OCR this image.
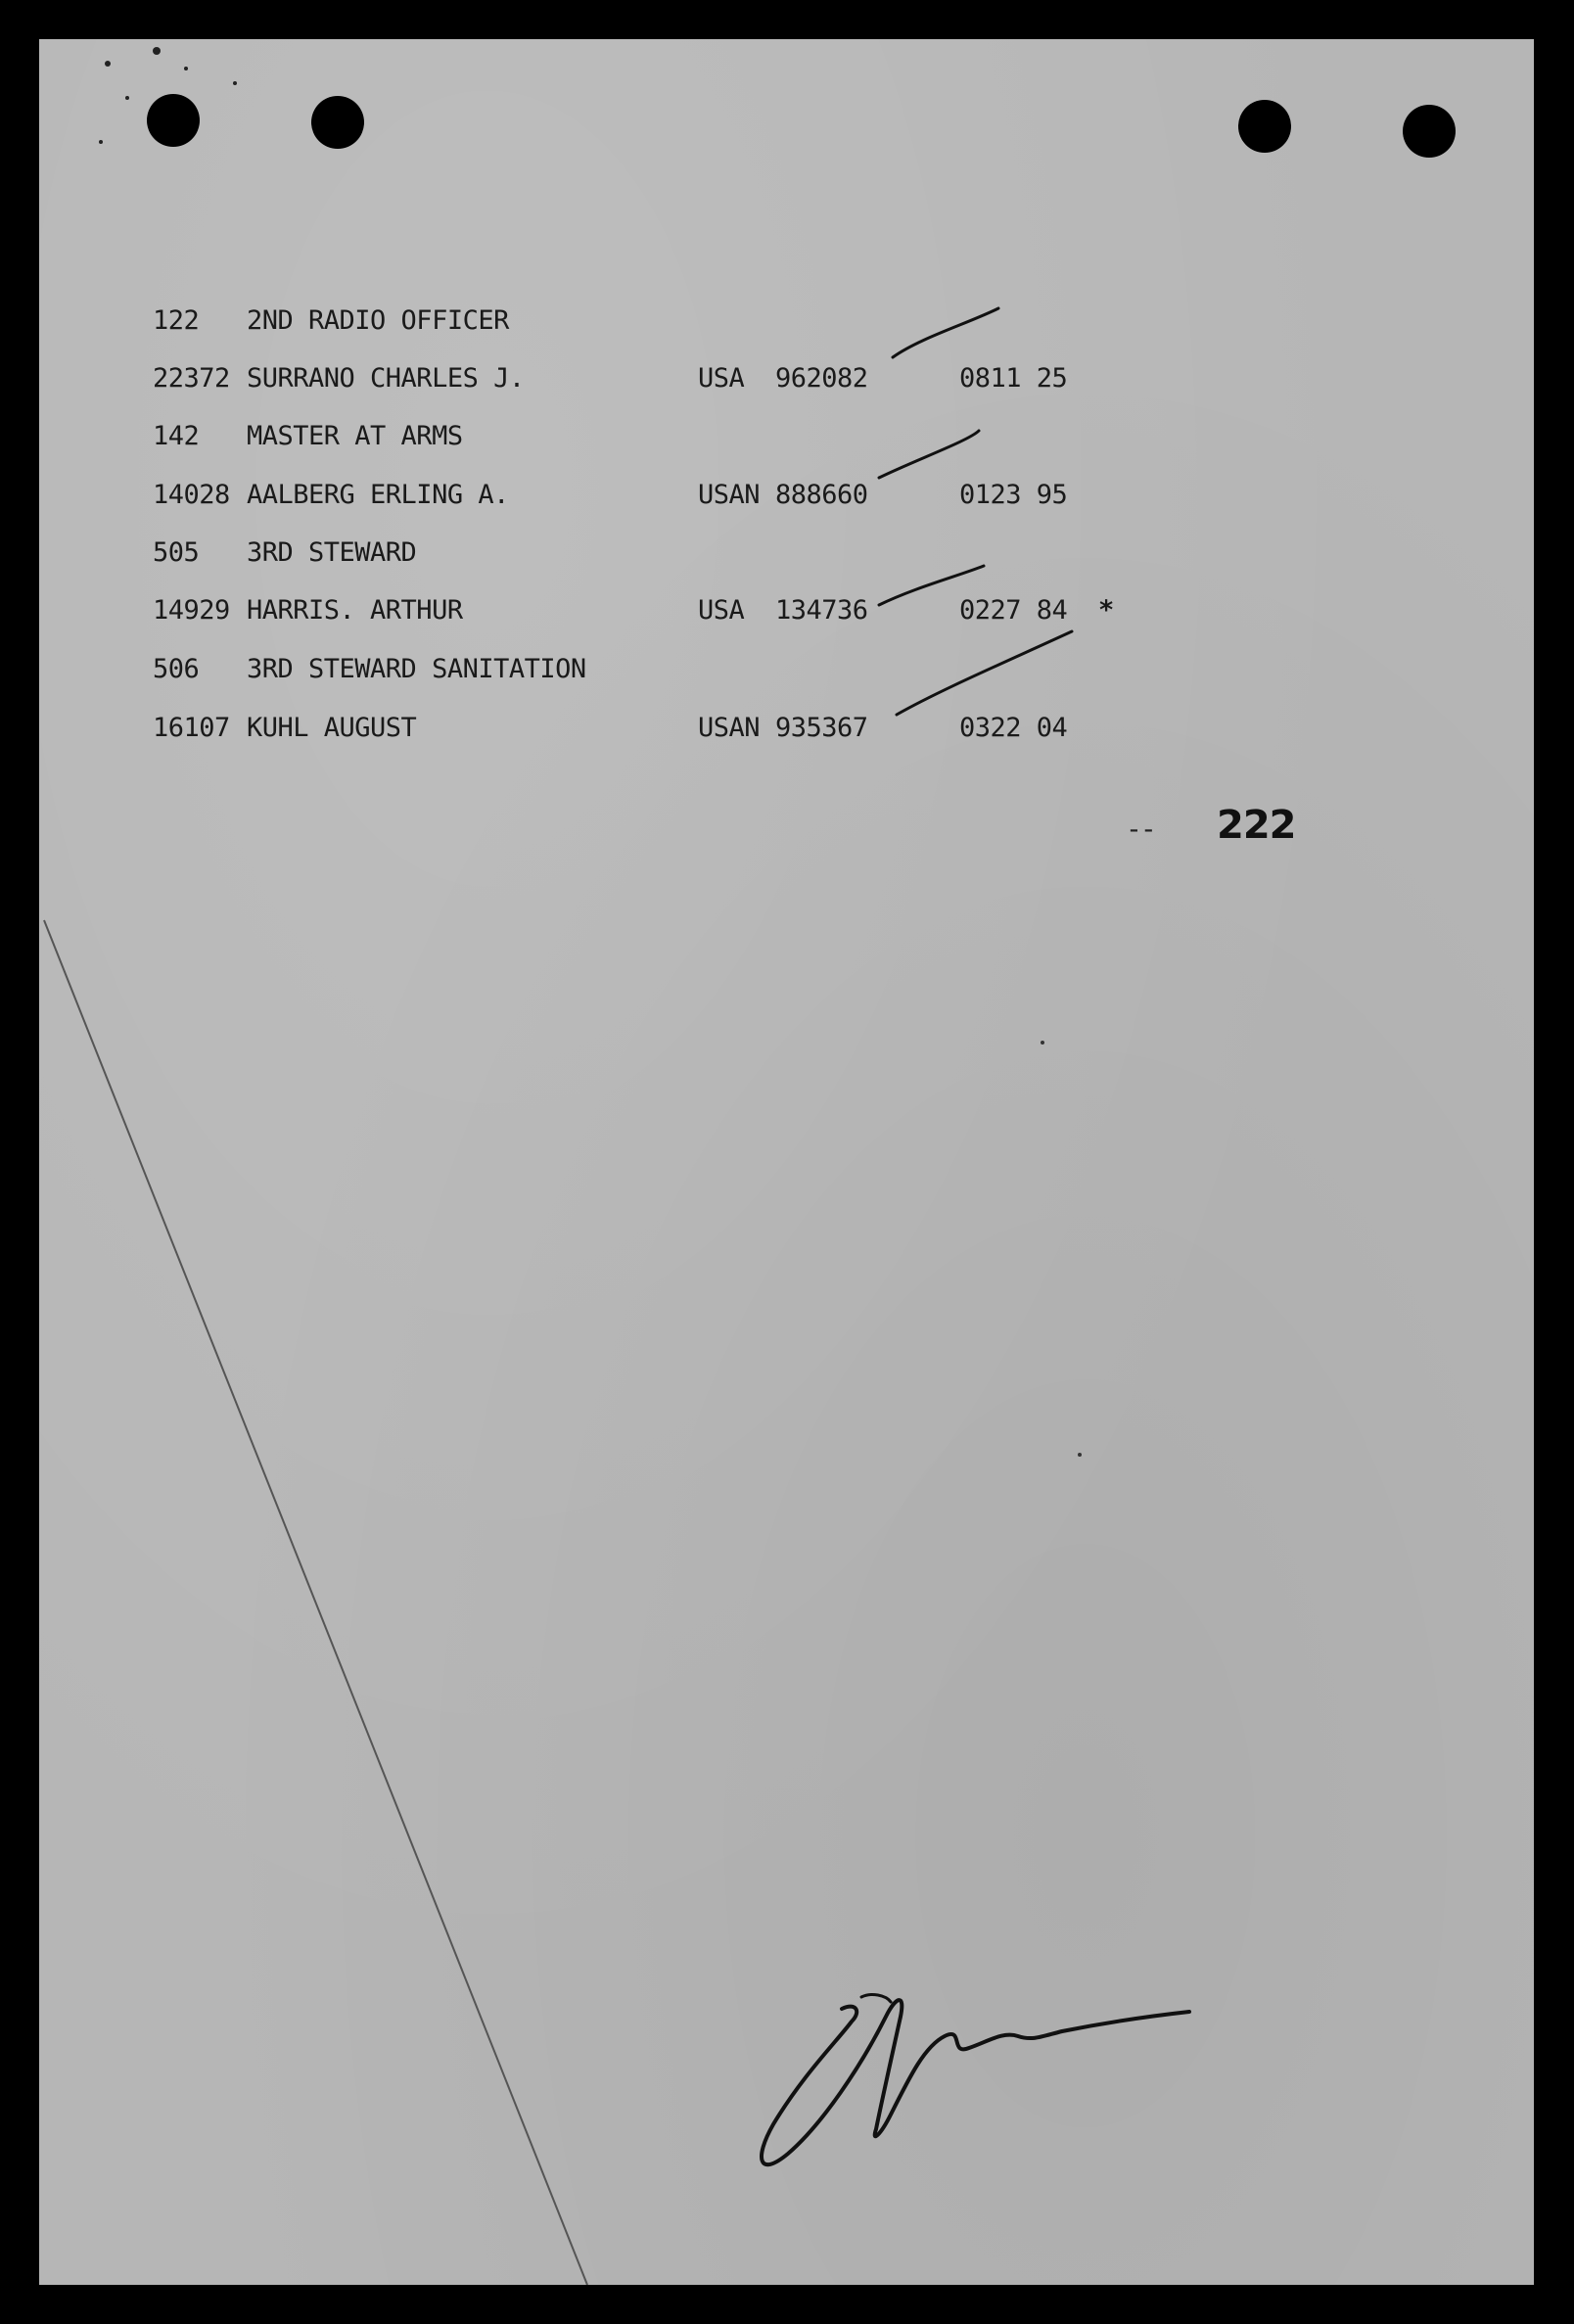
122 2ND RADIO OFFICER
22372 SURRANO CHARLES J.	USA 962082	0811 25
142 MASTER AT ARMS
14028 AALBERG ERLING A.	USAN 888660	0123 95
505 3RD STEWARD
14929 HARRIS. ARTHUR	USA 134736	0227 84 *
506 3RD STEWARD SANITATION
16107 KUHL AUGUST	USAN 935367	0322 04
-- 222
